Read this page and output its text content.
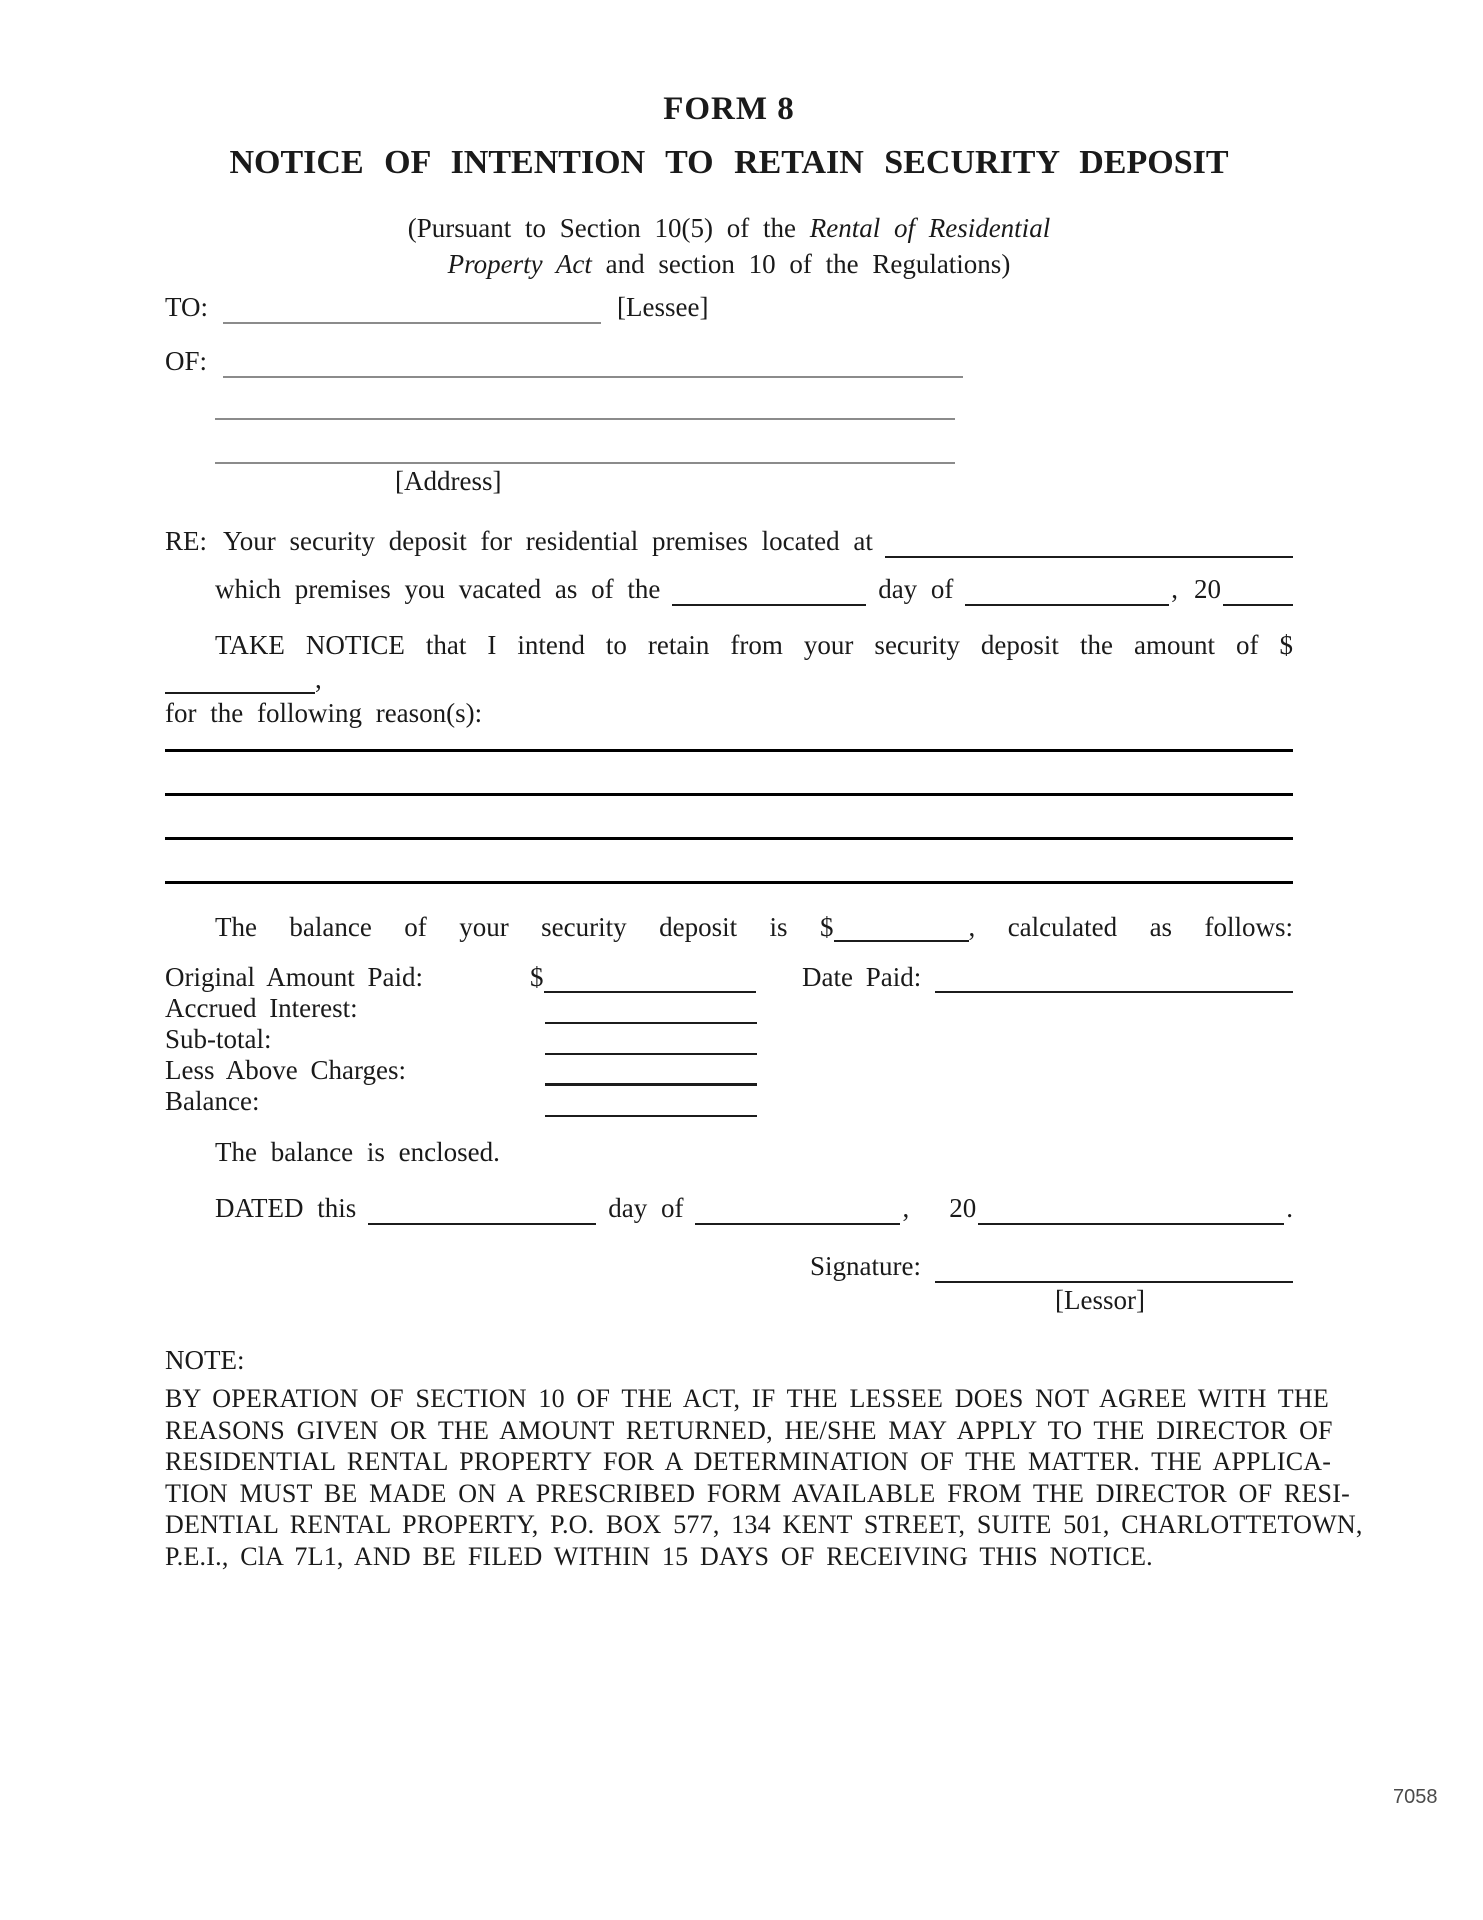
FORM 8
NOTICE OF INTENTION TO RETAIN SECURITY DEPOSIT
(Pursuant to Section 10(5) of the Rental of Residential
Property Act and section 10 of the Regulations)
TO:	[Lessee]
OF:
[Address]
RE: Your security deposit for residential premises located at
which premises you vacated as of the	day of	, 20
TAKE NOTICE that I intend to retain from your security deposit the amount of $,
for the following reason(s):
The balance of your security deposit is $	, calculated as follows:
Original Amount Paid:	$	Date Paid:
Accrued Interest:
Sub-total:
Less Above Charges:
Balance:
The balance is enclosed.
DATED this	day of	, 20	.
Signature:
[Lessor]
NOTE:
BY OPERATION OF SECTION 10 OF THE ACT, IF THE LESSEE DOES NOT AGREE WITH THE
REASONS GIVEN OR THE AMOUNT RETURNED, HE/SHE MAY APPLY TO THE DIRECTOR OF
RESIDENTIAL RENTAL PROPERTY FOR A DETERMINATION OF THE MATTER. THE APPLICA-
TION MUST BE MADE ON A PRESCRIBED FORM AVAILABLE FROM THE DIRECTOR OF RESI-
DENTIAL RENTAL PROPERTY, P.O. BOX 577, 134 KENT STREET, SUITE 501, CHARLOTTETOWN,
P.E.I., ClA 7L1, AND BE FILED WITHIN 15 DAYS OF RECEIVING THIS NOTICE.
7058
